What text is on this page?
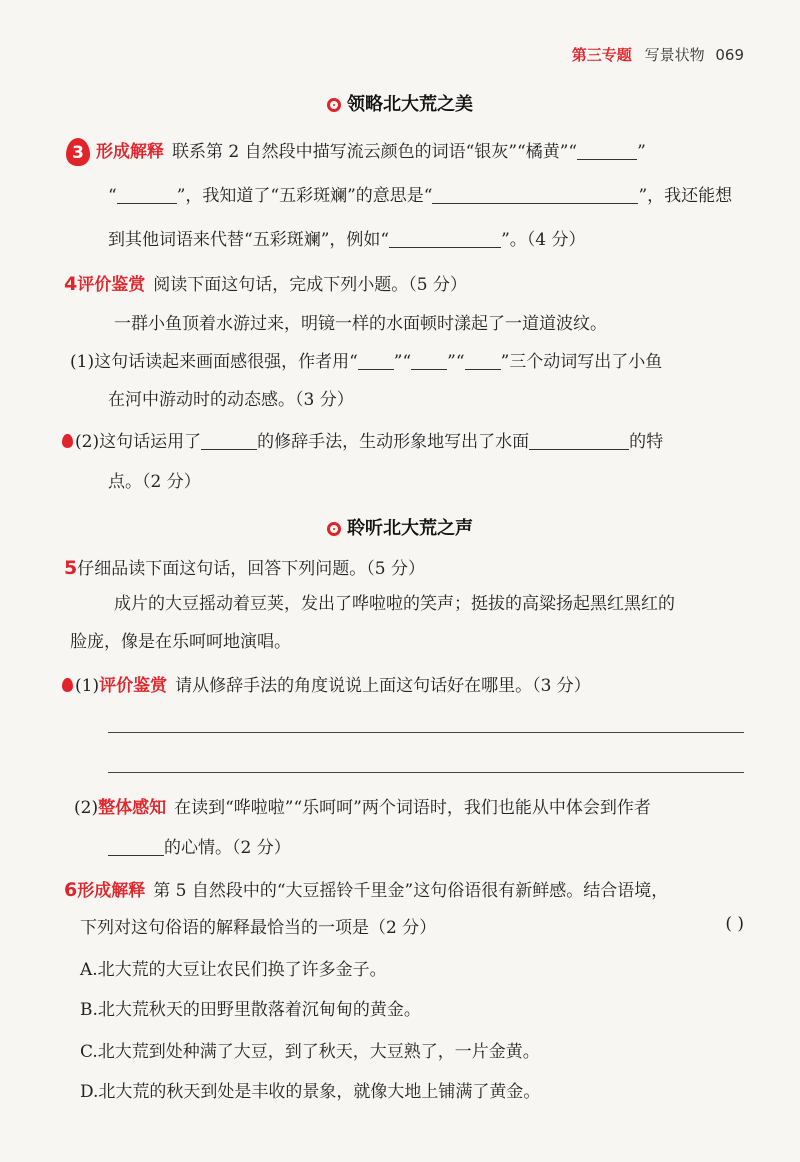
第三专题 写景状物 069
领略北大荒之美
3 形成解释 联系第 2 自然段中描写流云颜色的词语“银灰”“橘黄”“	”
“	”，我知道了“五彩斑斓”的意思是“	”，我还能想
到其他词语来代替“五彩斑斓”，例如“	”。（4 分）
4评价鉴赏 阅读下面这句话，完成下列小题。（5 分）
一群小鱼顶着水游过来，明镜一样的水面顿时漾起了一道道波纹。
(1)这句话读起来画面感很强，作者用“ ”“ ”“ ”三个动词写出了小鱼
在河中游动时的动态感。（3 分）
(2)这句话运用了	的修辞手法，生动形象地写出了水面	的特
点。（2 分）
聆听北大荒之声
5仔细品读下面这句话，回答下列问题。（5 分）
成片的大豆摇动着豆荚，发出了哗啦啦的笑声；挺拔的高粱扬起黑红黑红的
脸庞，像是在乐呵呵地演唱。
(1)评价鉴赏 请从修辞手法的角度说说上面这句话好在哪里。（3 分）
(2)整体感知 在读到“哗啦啦”“乐呵呵”两个词语时，我们也能从中体会到作者
的心情。（2 分）
6形成解释 第 5 自然段中的“大豆摇铃千里金”这句俗语很有新鲜感。结合语境，
下列对这句俗语的解释最恰当的一项是（2 分）	( )
A.北大荒的大豆让农民们换了许多金子。
B.北大荒秋天的田野里散落着沉甸甸的黄金。
C.北大荒到处种满了大豆，到了秋天，大豆熟了，一片金黄。
D.北大荒的秋天到处是丰收的景象，就像大地上铺满了黄金。
